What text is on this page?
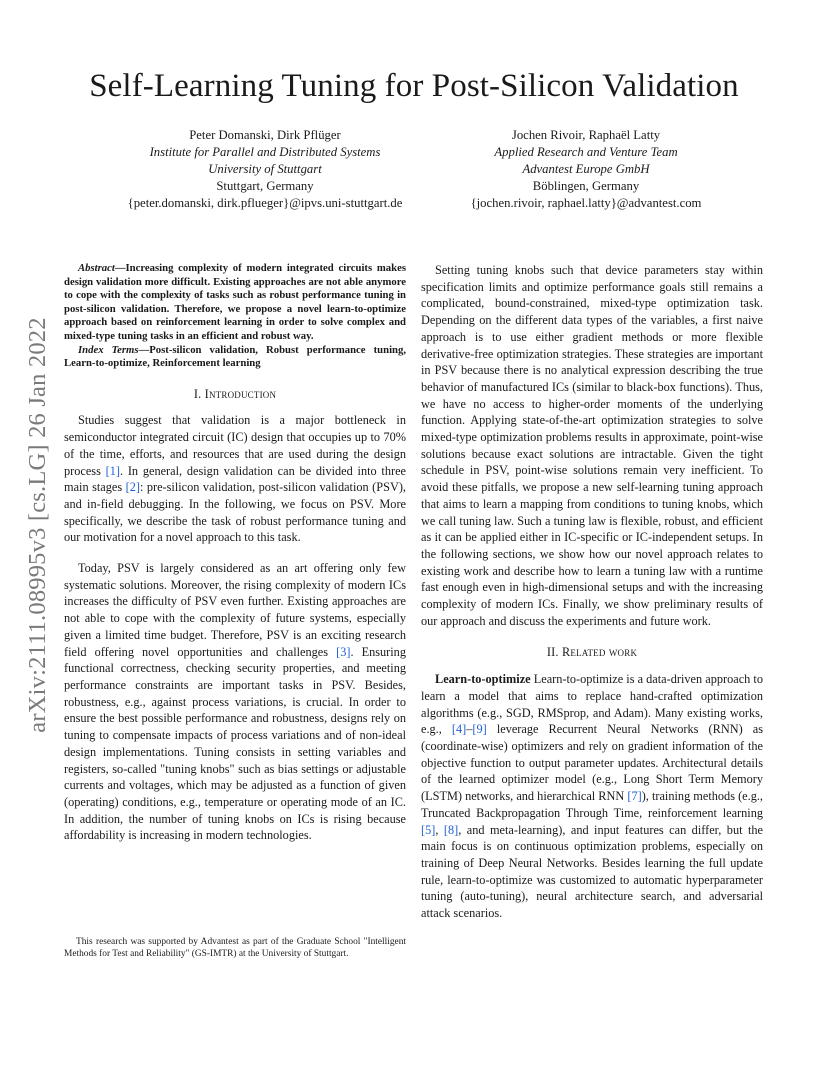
arXiv:2111.08995v3 [cs.LG] 26 Jan 2022
Self-Learning Tuning for Post-Silicon Validation
Peter Domanski, Dirk Pflüger
Institute for Parallel and Distributed Systems
University of Stuttgart
Stuttgart, Germany
{peter.domanski, dirk.pflueger}@ipvs.uni-stuttgart.de
Jochen Rivoir, Raphaël Latty
Applied Research and Venture Team
Advantest Europe GmbH
Böblingen, Germany
{jochen.rivoir, raphael.latty}@advantest.com

Abstract—Increasing complexity of modern integrated circuits makes design validation more difficult. Existing approaches are not able anymore to cope with the complexity of tasks such as robust performance tuning in post-silicon validation. Therefore, we propose a novel learn-to-optimize approach based on reinforcement learning in order to solve complex and mixed-type tuning tasks in an efficient and robust way.

Index Terms—Post-silicon validation, Robust performance tuning, Learn-to-optimize, Reinforcement learning

I. Introduction

Studies suggest that validation is a major bottleneck in semiconductor integrated circuit (IC) design that occupies up to 70% of the time, efforts, and resources that are used during the design process [1]. In general, design validation can be divided into three main stages [2]: pre-silicon validation, post-silicon validation (PSV), and in-field debugging. In the following, we focus on PSV. More specifically, we describe the task of robust performance tuning and our motivation for a novel approach to this task.

Today, PSV is largely considered as an art offering only few systematic solutions. Moreover, the rising complexity of modern ICs increases the difficulty of PSV even further. Existing approaches are not able to cope with the complexity of future systems, especially given a limited time budget. Therefore, PSV is an exciting research field offering novel opportunities and challenges [3]. Ensuring functional correctness, checking security properties, and meeting performance constraints are important tasks in PSV. Besides, robustness, e.g., against process variations, is crucial. In order to ensure the best possible performance and robustness, designs rely on tuning to compensate impacts of process variations and of non-ideal design implementations. Tuning consists in setting variables and registers, so-called "tuning knobs" such as bias settings or adjustable currents and voltages, which may be adjusted as a function of given (operating) conditions, e.g., temperature or operating mode of an IC. In addition, the number of tuning knobs on ICs is rising because affordability is increasing in modern technologies.

This research was supported by Advantest as part of the Graduate School "Intelligent Methods for Test and Reliability" (GS-IMTR) at the University of Stuttgart.

Setting tuning knobs such that device parameters stay within specification limits and optimize performance goals still remains a complicated, bound-constrained, mixed-type optimization task. Depending on the different data types of the variables, a first naive approach is to use either gradient methods or more flexible derivative-free optimization strategies. These strategies are important in PSV because there is no analytical expression describing the true behavior of manufactured ICs (similar to black-box functions). Thus, we have no access to higher-order moments of the underlying function. Applying state-of-the-art optimization strategies to solve mixed-type optimization problems results in approximate, point-wise solutions because exact solutions are intractable. Given the tight schedule in PSV, point-wise solutions remain very inefficient. To avoid these pitfalls, we propose a new self-learning tuning approach that aims to learn a mapping from conditions to tuning knobs, which we call tuning law. Such a tuning law is flexible, robust, and efficient as it can be applied either in IC-specific or IC-independent setups. In the following sections, we show how our novel approach relates to existing work and describe how to learn a tuning law with a runtime fast enough even in high-dimensional setups and with the increasing complexity of modern ICs. Finally, we show preliminary results of our approach and discuss the experiments and future work.

II. Related work

Learn-to-optimize Learn-to-optimize is a data-driven approach to learn a model that aims to replace hand-crafted optimization algorithms (e.g., SGD, RMSprop, and Adam). Many existing works, e.g., [4]–[9] leverage Recurrent Neural Networks (RNN) as (coordinate-wise) optimizers and rely on gradient information of the objective function to output parameter updates. Architectural details of the learned optimizer model (e.g., Long Short Term Memory (LSTM) networks, and hierarchical RNN [7]), training methods (e.g., Truncated Backpropagation Through Time, reinforcement learning [5], [8], and meta-learning), and input features can differ, but the main focus is on continuous optimization problems, especially on training of Deep Neural Networks. Besides learning the full update rule, learn-to-optimize was customized to automatic hyperparameter tuning (auto-tuning), neural architecture search, and adversarial attack scenarios.
